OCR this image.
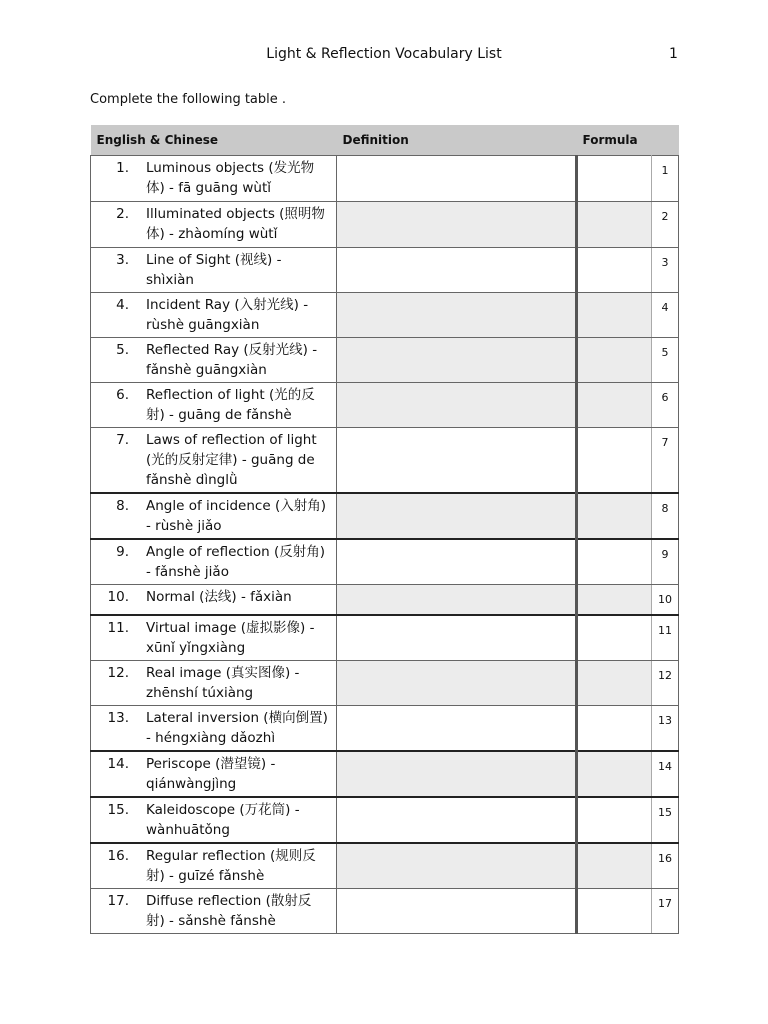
Light & Reflection Vocabulary List	1
Complete the following table .
English & Chinese	Definition	Formula	

1. Luminous objects (发光物体) - fā guāng wùtǐ			1

2. Illuminated objects (照明物体) - zhàomíng wùtǐ			2

3. Line of Sight (视线) - shìxiàn			3

4. Incident Ray (入射光线) - rùshè guāngxiàn			4

5. Reflected Ray (反射光线) - fǎnshè guāngxiàn			5

6. Reflection of light (光的反射) - guāng de fǎnshè			6

7. Laws of reflection of light (光的反射定律) - guāng de fǎnshè dìnglǜ			7

8. Angle of incidence (入射角) - rùshè jiǎo			8

9. Angle of reflection (反射角) - fǎnshè jiǎo			9

10. Normal (法线) - fǎxiàn			10

11. Virtual image (虚拟影像) - xūnǐ yǐngxiàng			11

12. Real image (真实图像) - zhēnshí túxiàng			12

13. Lateral inversion (横向倒置) - héngxiàng dǎozhì			13

14. Periscope (潜望镜) - qiánwàngjìng			14

15. Kaleidoscope (万花筒) - wànhuātǒng			15

16. Regular reflection (规则反射) - guīzé fǎnshè			16

17. Diffuse reflection (散射反射) - sǎnshè fǎnshè			17
